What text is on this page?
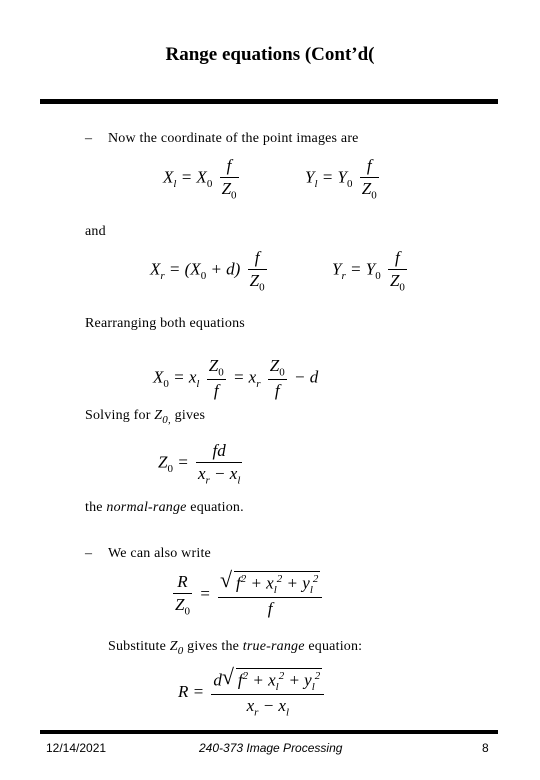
Range equations (Cont’d(
– Now the coordinate of the point images are
$X_l = X_0 \frac{f}{Z_0}$	$Y_l = Y_0 \frac{f}{Z_0}$
and
$X_r = (X_0 + d) \frac{f}{Z_0}$	$Y_r = Y_0 \frac{f}{Z_0}$
Rearranging both equations
$X_0 = x_l \frac{Z_0}{f} = x_r \frac{Z_0}{f} - d$
Solving for $Z_{0,}$ gives
$Z_0 = \frac{fd}{x_r - x_l}$
the normal-range equation.
– We can also write
$\frac{R}{Z_0} = \frac{√ f^2 + x_l^2 + y_l^2}{f}$
Substitute $Z_0$ gives the true-range equation:
$R = \frac{d √ f^2 + x_l^2 + y_l^2}{x_r - x_l}$
12/14/2021	240-373 Image Processing	8
